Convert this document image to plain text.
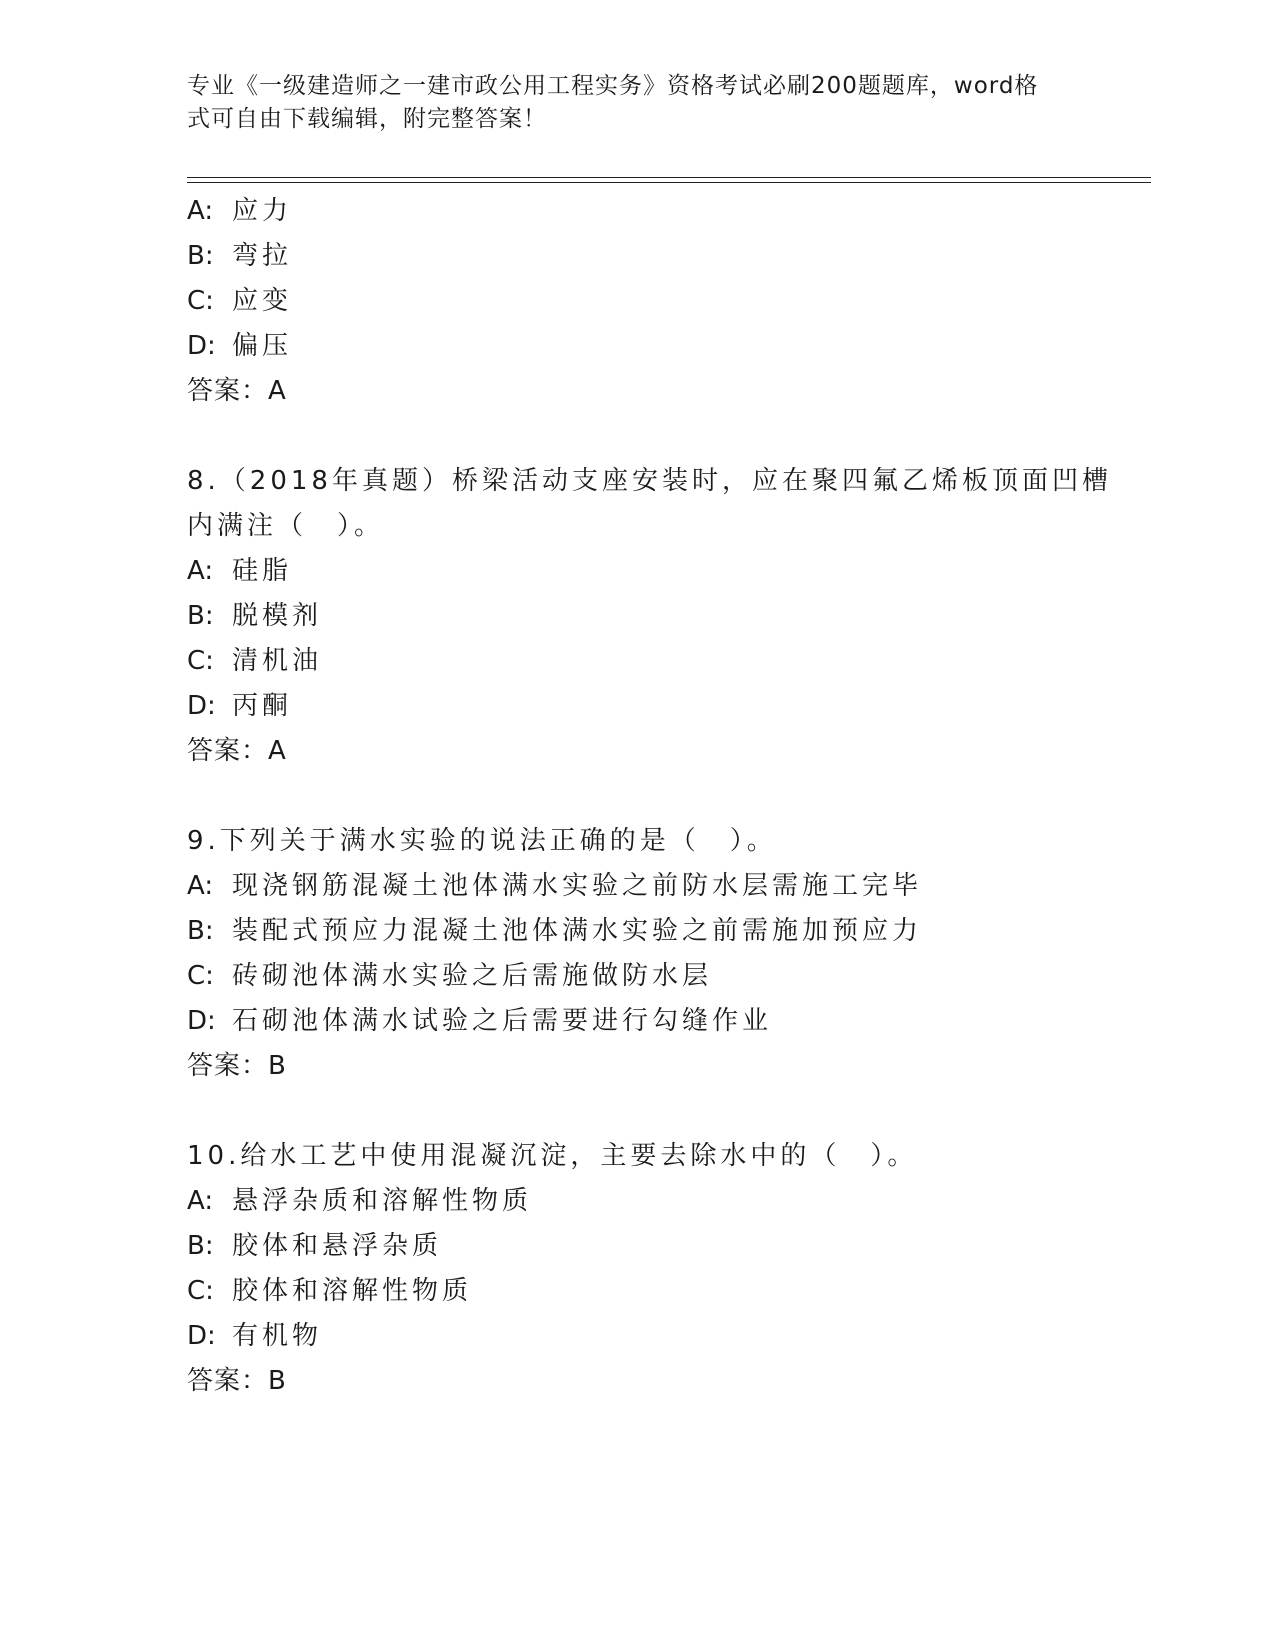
专业《一级建造师之一建市政公用工程实务》资格考试必刷200题题库，word格
式可自由下载编辑，附完整答案！
A: 应力
B: 弯拉
C: 应变
D: 偏压
答案：A
8.（2018年真题）桥梁活动支座安装时，应在聚四氟乙烯板顶面凹槽
内满注（　）。
A: 硅脂
B: 脱模剂
C: 清机油
D: 丙酮
答案：A
9.下列关于满水实验的说法正确的是（　）。
A: 现浇钢筋混凝土池体满水实验之前防水层需施工完毕
B: 装配式预应力混凝土池体满水实验之前需施加预应力
C: 砖砌池体满水实验之后需施做防水层
D: 石砌池体满水试验之后需要进行勾缝作业
答案：B
10.给水工艺中使用混凝沉淀，主要去除水中的（　）。
A: 悬浮杂质和溶解性物质
B: 胶体和悬浮杂质
C: 胶体和溶解性物质
D: 有机物
答案：B
